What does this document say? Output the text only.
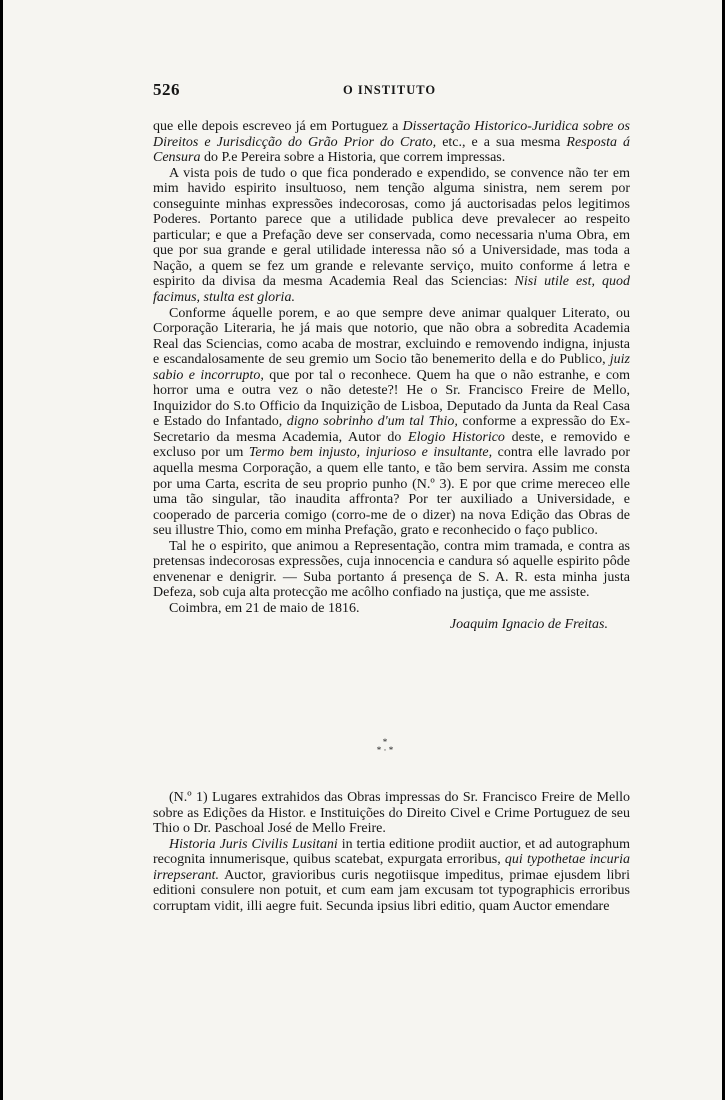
526	O INSTITUTO

que elle depois escreveo já em Portuguez a Dissertação Historico-Juridica sobre os Direitos e Jurisdicção do Grão Prior do Crato, etc., e a sua mesma Resposta á Censura do P.e Pereira sobre a Historia, que correm impressas.

A vista pois de tudo o que fica ponderado e expendido, se convence não ter em mim havido espirito insultuoso, nem tenção alguma sinistra, nem serem por conseguinte minhas expressões indecorosas, como já auctorisadas pelos legitimos Poderes. Portanto parece que a utilidade publica deve prevalecer ao respeito particular; e que a Prefação deve ser conservada, como necessaria n'uma Obra, em que por sua grande e geral utilidade interessa não só a Universidade, mas toda a Nação, a quem se fez um grande e relevante serviço, muito conforme á letra e espirito da divisa da mesma Academia Real das Sciencias: Nisi utile est, quod facimus, stulta est gloria.

Conforme áquelle porem, e ao que sempre deve animar qualquer Literato, ou Corporação Literaria, he já mais que notorio, que não obra a sobredita Academia Real das Sciencias, como acaba de mostrar, excluindo e removendo indigna, injusta e escandalosamente de seu gremio um Socio tão benemerito della e do Publico, juiz sabio e incorrupto, que por tal o reconhece. Quem ha que o não estranhe, e com horror uma e outra vez o não deteste?! He o Sr. Francisco Freire de Mello, Inquizidor do S.to Officio da Inquizição de Lisboa, Deputado da Junta da Real Casa e Estado do Infantado, digno sobrinho d'um tal Thio, conforme a expressão do Ex-Secretario da mesma Academia, Autor do Elogio Historico deste, e removido e excluso por um Termo bem injusto, injurioso e insultante, contra elle lavrado por aquella mesma Corporação, a quem elle tanto, e tão bem servira. Assim me consta por uma Carta, escrita de seu proprio punho (N.º 3). E por que crime mereceo elle uma tão singular, tão inaudita affronta? Por ter auxiliado a Universidade, e cooperado de parceria comigo (corro-me de o dizer) na nova Edição das Obras de seu illustre Thio, como em minha Prefação, grato e reconhecido o faço publico.

Tal he o espirito, que animou a Representação, contra mim tramada, e contra as pretensas indecorosas expressões, cuja innocencia e candura só aquelle espirito pôde envenenar e denigrir. — Suba portanto á presença de S. A. R. esta minha justa Defeza, sob cuja alta protecção me acôlho confiado na justiça, que me assiste.

Coimbra, em 21 de maio de 1816.

Joaquim Ignacio de Freitas.

*
* · *

(N.º 1) Lugares extrahidos das Obras impressas do Sr. Francisco Freire de Mello sobre as Edições da Histor. e Instituições do Direito Civel e Crime Portuguez de seu Thio o Dr. Paschoal José de Mello Freire.

Historia Juris Civilis Lusitani in tertia editione prodiit auctior, et ad autographum recognita innumerisque, quibus scatebat, expurgata erroribus, qui typothetae incuria irrepserant. Auctor, gravioribus curis negotiisque impeditus, primae ejusdem libri editioni consulere non potuit, et cum eam jam excusam tot typographicis erroribus corruptam vidit, illi aegre fuit. Secunda ipsius libri editio, quam Auctor emendare
